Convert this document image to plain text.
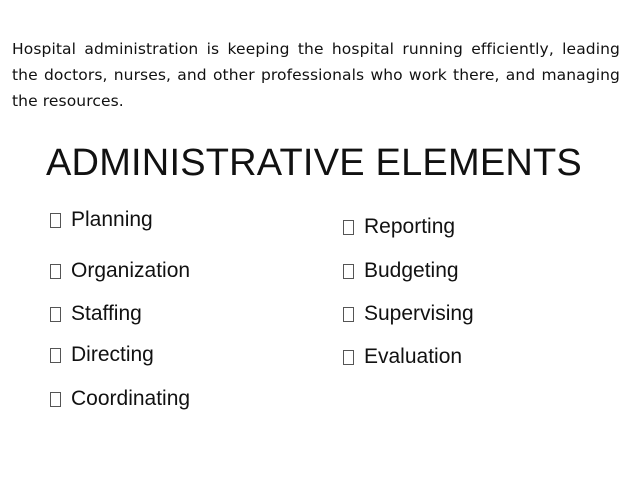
Hospital administration is keeping the hospital running efficiently, leading the doctors, nurses, and other professionals who work there, and managing the resources.

ADMINISTRATIVE ELEMENTS
Planning
Organization
Staffing
Directing
Coordinating
Reporting
Budgeting
Supervising
Evaluation
